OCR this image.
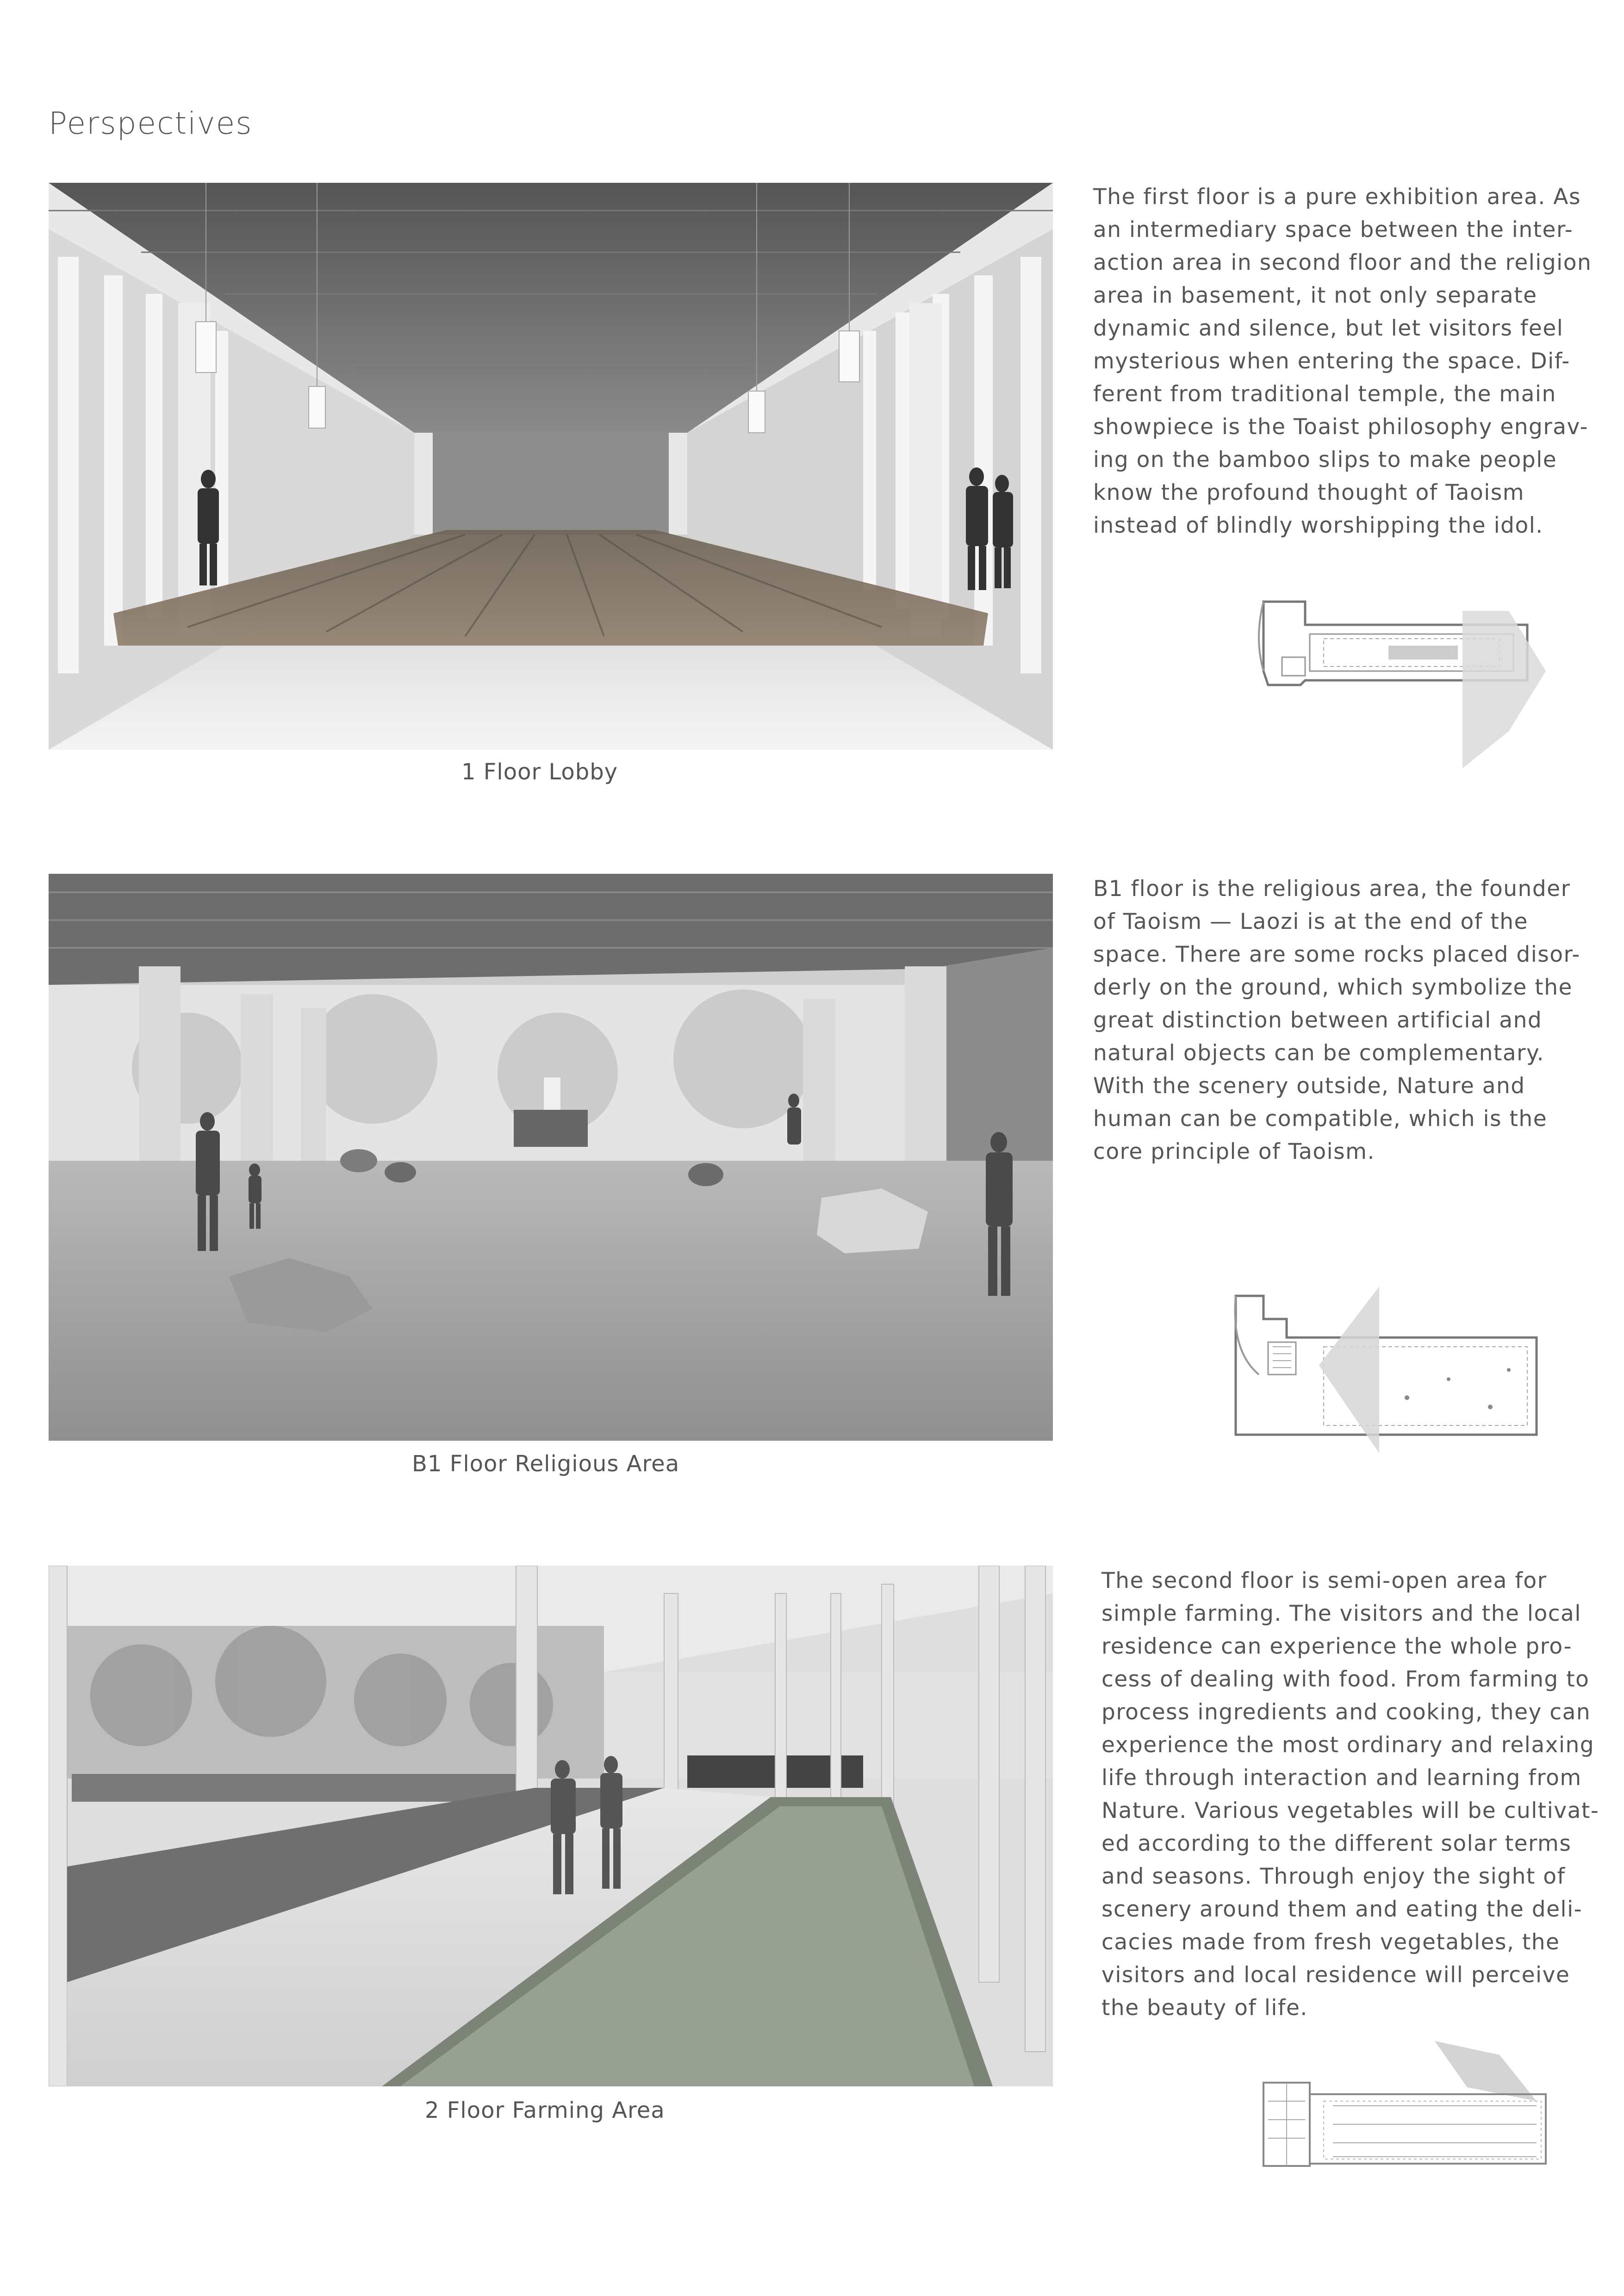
Perspectives
1 Floor Lobby

The first floor is a pure exhibition area. As
an intermediary space between the inter-
action area in second floor and the religion
area in basement, it not only separate
dynamic and silence, but let visitors feel
mysterious when entering the space. Dif-
ferent from traditional temple, the main
showpiece is the Toaist philosophy engrav-
ing on the bamboo slips to make people
know the profound thought of Taoism
instead of blindly worshipping the idol.

B1 Floor Religious Area

B1 floor is the religious area, the founder
of Taoism — Laozi is at the end of the
space. There are some rocks placed disor-
derly on the ground, which symbolize the
great distinction between artificial and
natural objects can be complementary.
With the scenery outside, Nature and
human can be compatible, which is the
core principle of Taoism.

2 Floor Farming Area

The second floor is semi-open area for
simple farming. The visitors and the local
residence can experience the whole pro-
cess of dealing with food. From farming to
process ingredients and cooking, they can
experience the most ordinary and relaxing
life through interaction and learning from
Nature. Various vegetables will be cultivat-
ed according to the different solar terms
and seasons. Through enjoy the sight of
scenery around them and eating the deli-
cacies made from fresh vegetables, the
visitors and local residence will perceive
the beauty of life.
